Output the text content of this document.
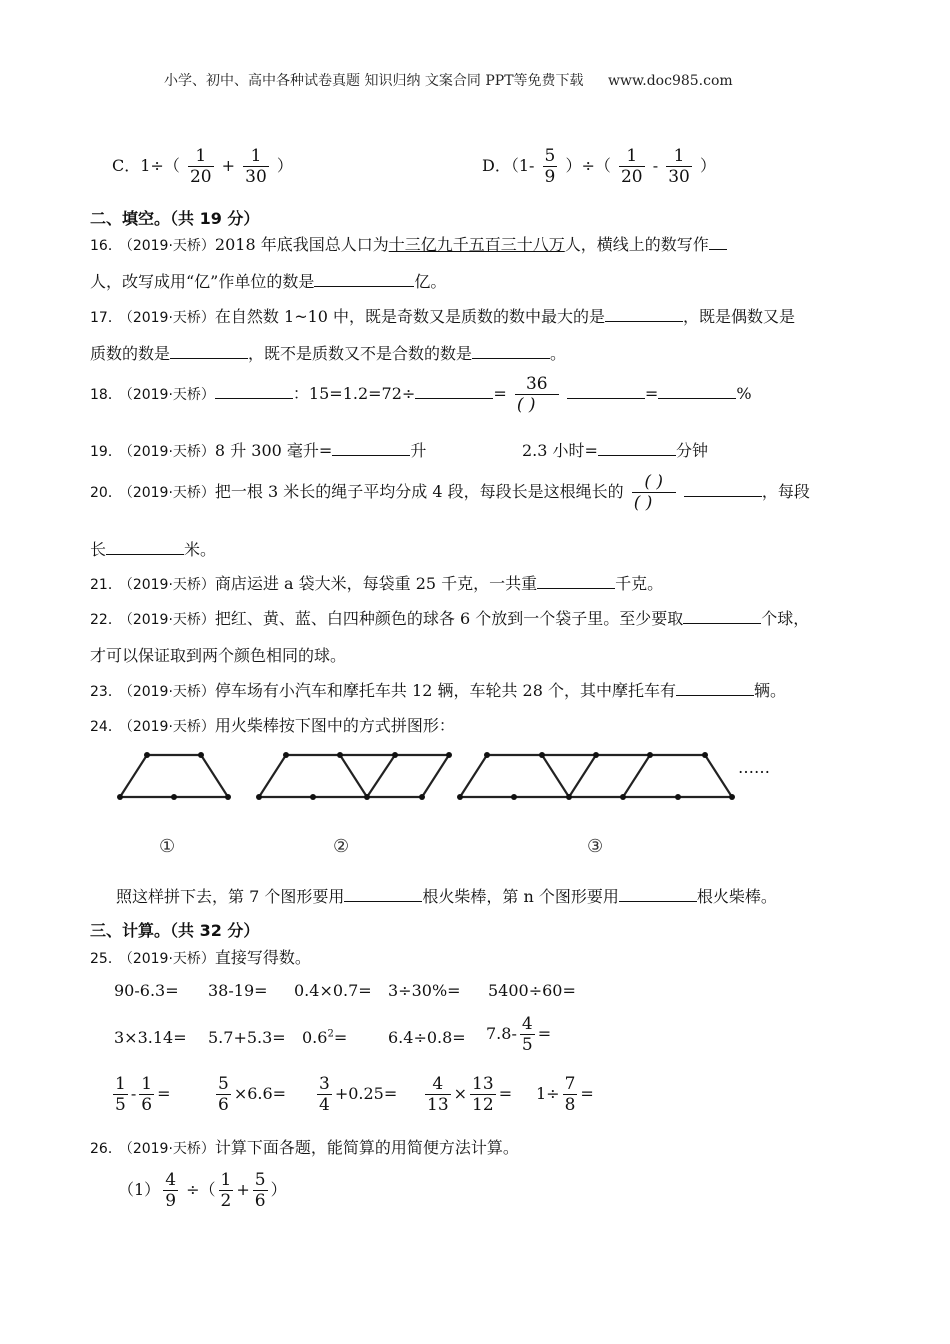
小学、初中、高中各种试卷真题 知识归纳 文案合同 PPT等免费下载 www.doc985.com
C．$1\div( \frac{1}{20} + \frac{1}{30}$ ）	D．（$1- \frac{5}{9}$ ）÷（ $\frac{1}{20} - \frac{1}{30}$ ）
二、填空。（共 19 分）
16． （2019·天桥）2018 年底我国总人口为十三亿九千五百三十八万人，横线上的数写作
人，改写成用“亿”作单位的数是	亿。
17． （2019·天桥）在自然数 1~10 中，既是奇数又是质数的数中最大的是	，既是偶数又是
质数的数是	，既不是质数又不是合数的数是	。
18． （2019·天桥）	：15=1.2=72÷	= $\frac{36}{( )}$	=	%
19． （2019·天桥）8 升 300 毫升=	升	2.3 小时=	分钟
20． （2019·天桥）把一根 3 米长的绳子平均分成 4 段，每段长是这根绳长的 $\frac{( )}{( )}$	，每段
长	米。
21． （2019·天桥）商店运进 a 袋大米，每袋重 25 千克，一共重	千克。
22． （2019·天桥）把红、黄、蓝、白四种颜色的球各 6 个放到一个袋子里。至少要取	个球，
才可以保证取到两个颜色相同的球。
23． （2019·天桥）停车场有小汽车和摩托车共 12 辆，车轮共 28 个，其中摩托车有	辆。
24． （2019·天桥）用火柴棒按下图中的方式拼图形：
……
①	②	③
照这样拼下去，第 7 个图形要用	根火柴棒，第 n 个图形要用	根火柴棒。
三、计算。（共 32 分）
25． （2019·天桥）直接写得数。
90-6.3= 38-19= 0.4×0.7= 3÷30%= 5400÷60=
$3\times 3.14= 5.7+5.3= 0.6^2=$	$6.4\div 0.8= 7.8- \frac{4}{5}$ =
$\frac{1}{5} - \frac{1}{6}$ =	$\frac{5}{6} \times 6.6= \frac{3}{4} +0.25= \frac{4}{13} \times \frac{13}{12} = 1\div \frac{7}{8}$ =
26． （2019·天桥）计算下面各题，能简算的用简便方法计算。
$(1) \frac{4}{9}$ ÷（ $\frac{1}{2} + \frac{5}{6}$ ）
